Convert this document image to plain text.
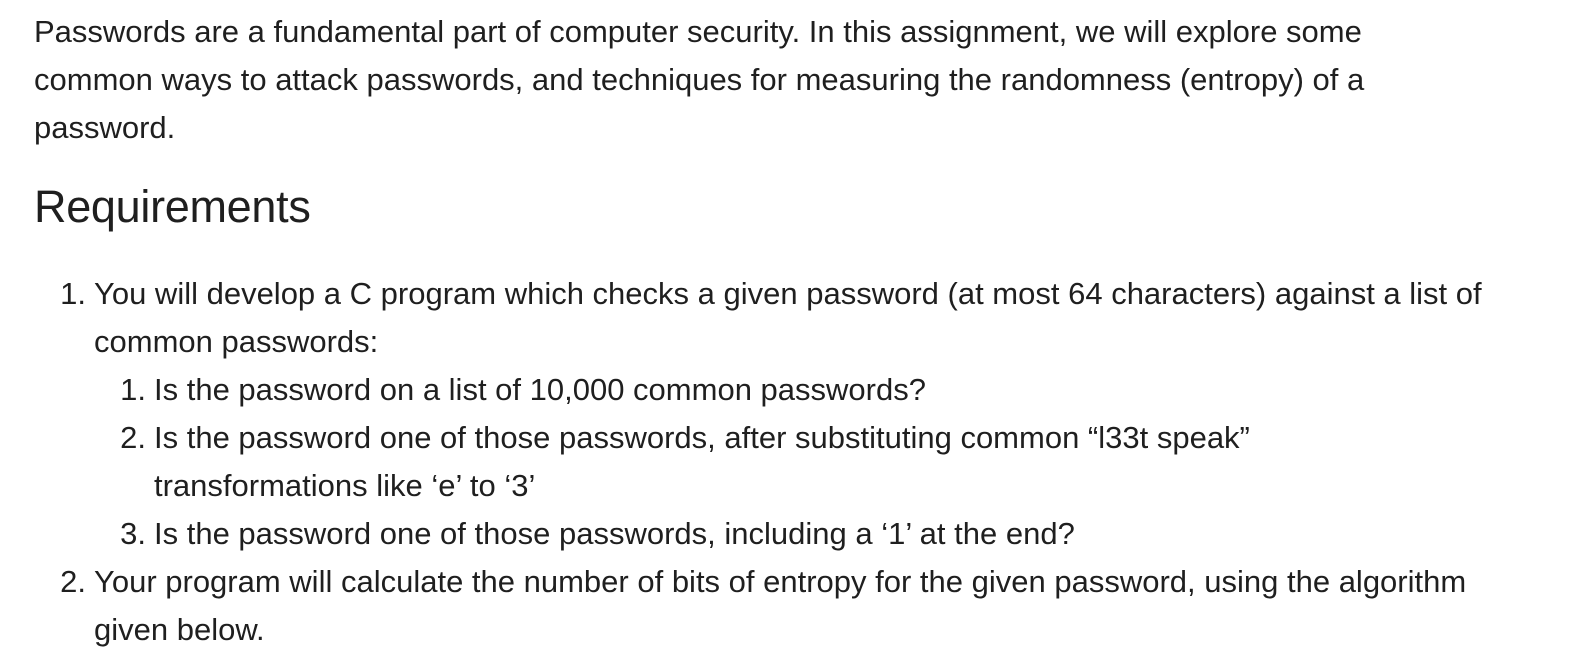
Passwords are a fundamental part of computer security. In this assignment, we will explore some common ways to attack passwords, and techniques for measuring the randomness (entropy) of a password.

Requirements
1. You will develop a C program which checks a given password (at most 64 characters) against a list of common passwords:
1. Is the password on a list of 10,000 common passwords?
2. Is the password one of those passwords, after substituting common “l33t speak” transformations like ‘e’ to ‘3’
3. Is the password one of those passwords, including a ‘1’ at the end?
2. Your program will calculate the number of bits of entropy for the given password, using the algorithm given below.
